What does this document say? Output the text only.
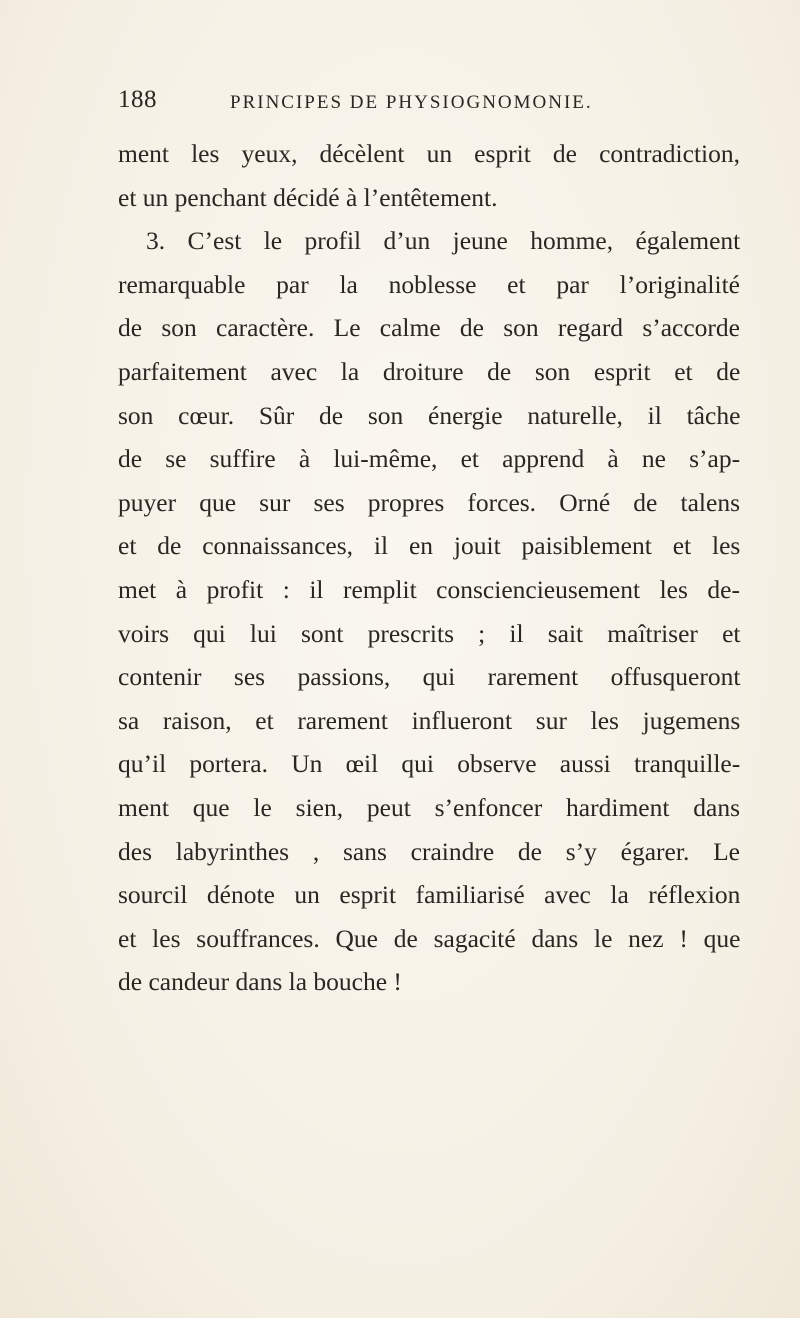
188	PRINCIPES DE PHYSIOGNOMONIE.
ment les yeux, décèlent un esprit de contradiction,
et un penchant décidé à l’entêtement.
3. C’est le profil d’un jeune homme, également
remarquable par la noblesse et par l’originalité
de son caractère. Le calme de son regard s’accorde
parfaitement avec la droiture de son esprit et de
son cœur. Sûr de son énergie naturelle, il tâche
de se suffire à lui-même, et apprend à ne s’ap-
puyer que sur ses propres forces. Orné de talens
et de connaissances, il en jouit paisiblement et les
met à profit : il remplit consciencieusement les de-
voirs qui lui sont prescrits ; il sait maîtriser et
contenir ses passions, qui rarement offusqueront
sa raison, et rarement influeront sur les jugemens
qu’il portera. Un œil qui observe aussi tranquille-
ment que le sien, peut s’enfoncer hardiment dans
des labyrinthes , sans craindre de s’y égarer. Le
sourcil dénote un esprit familiarisé avec la réflexion
et les souffrances. Que de sagacité dans le nez ! que
de candeur dans la bouche !
